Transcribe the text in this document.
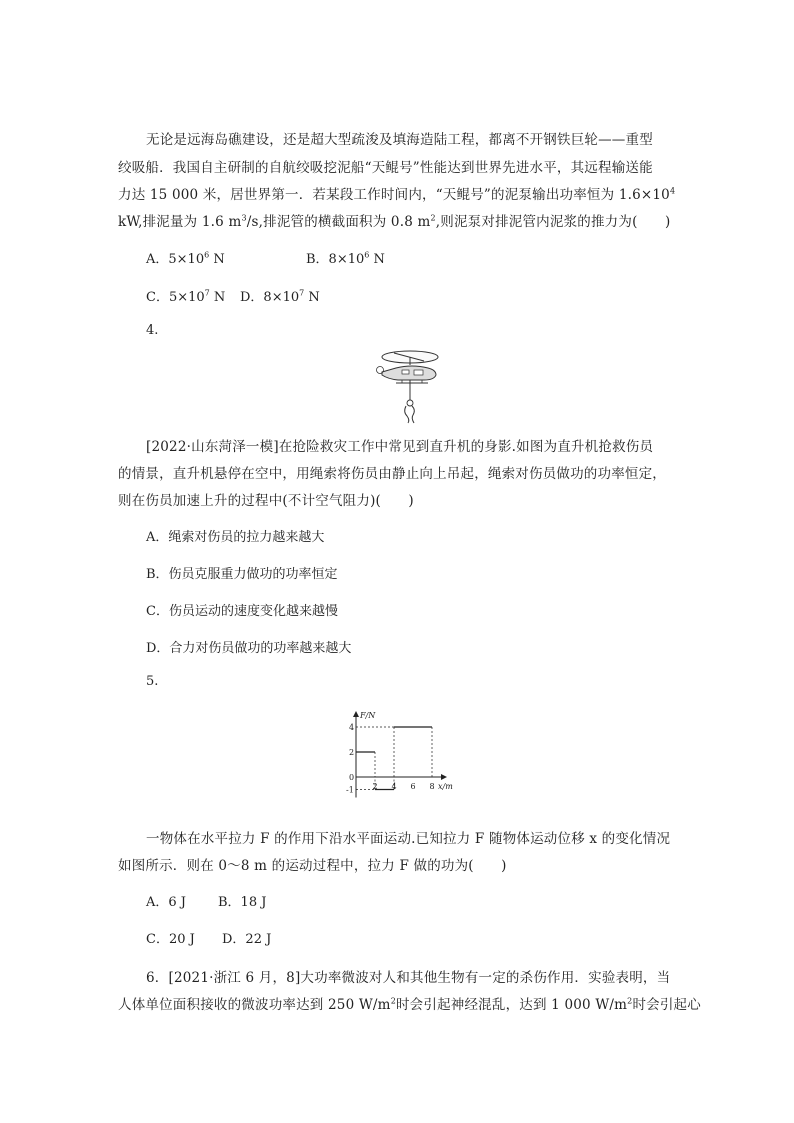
无论是远海岛礁建设，还是超大型疏浚及填海造陆工程，都离不开钢铁巨轮——重型
绞吸船．我国自主研制的自航绞吸挖泥船“天鲲号”性能达到世界先进水平，其远程输送能
力达 15 000 米，居世界第一．若某段工作时间内，“天鲲号”的泥泵输出功率恒为 $1.6\times 10^4$
kW,排泥量为 1.6 $m^3/s$,排泥管的横截面积为 0.8 $m^2$,则泥泵对排泥管内泥浆的推力为(　　)
A．$5\times 10^6$ N	B．$8\times 10^6$ N
C．$5\times 10^7$ N D．$8\times 10^7$ N
4.
[2022·山东菏泽一模]在抢险救灾工作中常见到直升机的身影.如图为直升机抢救伤员
的情景，直升机悬停在空中，用绳索将伤员由静止向上吊起，绳索对伤员做功的功率恒定，
则在伤员加速上升的过程中(不计空气阻力)(　　)
A．绳索对伤员的拉力越来越大
B．伤员克服重力做功的功率恒定
C．伤员运动的速度变化越来越慢
D．合力对伤员做功的功率越来越大
5.
F/N
x/m
2 4 6 8
4
2
0
-1
一物体在水平拉力 F 的作用下沿水平面运动.已知拉力 F 随物体运动位移 x 的变化情况
如图所示．则在 0～8 m 的运动过程中，拉力 F 做的功为(　　)
A．6 J B．18 J
C．20 J D．22 J
6．[2021·浙江 6 月，8]大功率微波对人和其他生物有一定的杀伤作用．实验表明，当
人体单位面积接收的微波功率达到 250 $W/m^2$时会引起神经混乱，达到 1 000 $W/m^2$时会引起心
